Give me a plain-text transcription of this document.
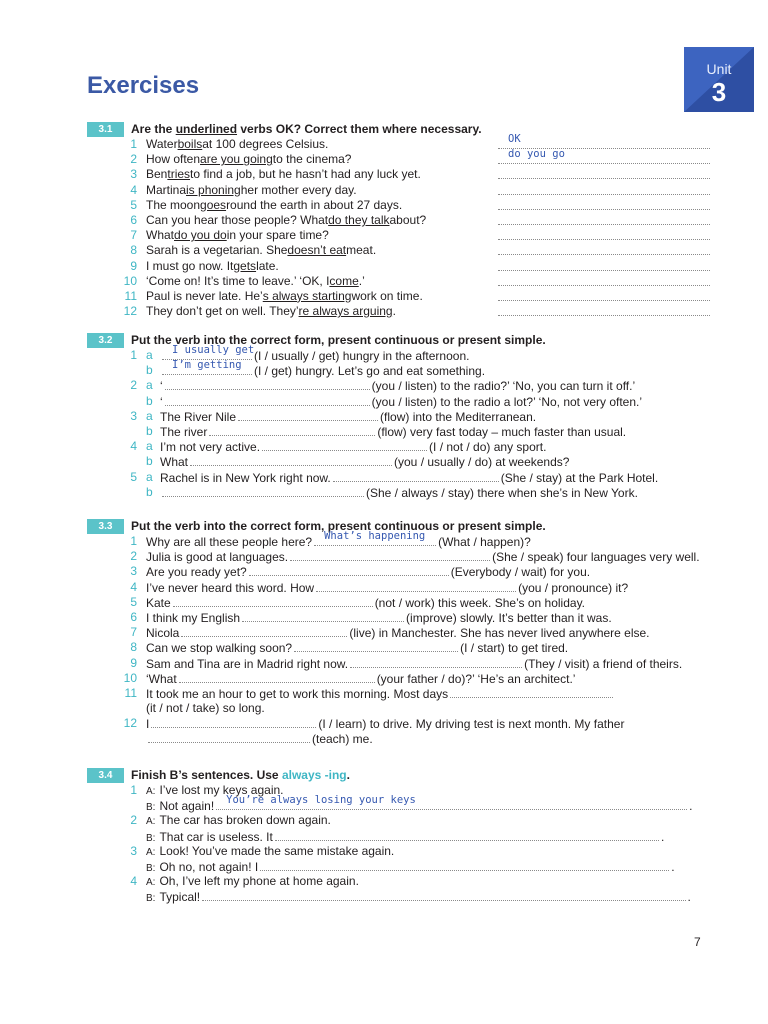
Unit
3
Exercises
3.1	Are the underlined verbs OK? Correct them where necessary.
1 Water boils at 100 degrees Celsius.	OK
2 How often are you going to the cinema?	do you go
3 Ben tries to find a job, but he hasn’t had any luck yet.
4 Martina is phoning her mother every day.
5 The moon goes round the earth in about 27 days.
6 Can you hear those people? What do they talk about?
7 What do you do in your spare time?
8 Sarah is a vegetarian. She doesn’t eat meat.
9 I must go now. It gets late.
10 ‘Come on! It’s time to leave.’ ‘OK, I come .’
11 Paul is never late. He’ s always starting work on time.
12 They don’t get on well. They’ re always arguing .
3.2	Put the verb into the correct form, present continuous or present simple.
1 a I usually get (I / usually / get) hungry in the afternoon.
b I’m getting (I / get) hungry. Let’s go and eat something.
2 a ‘	(you / listen) to the radio?’ ‘No, you can turn it off.’
b ‘	(you / listen) to the radio a lot?’ ‘No, not very often.’
3 a The River Nile	(flow) into the Mediterranean.
b The river	(flow) very fast today – much faster than usual.
4 a I’m not very active.	(I / not / do) any sport.
b What	(you / usually / do) at weekends?
5 a Rachel is in New York right now.	(She / stay) at the Park Hotel.
b	(She / always / stay) there when she’s in New York.
3.3	Put the verb into the correct form, present continuous or present simple.
1 Why are all these people here? What’s happening (What / happen)?
2 Julia is good at languages.	(She / speak) four languages very well.
3 Are you ready yet?	(Everybody / wait) for you.
4 I’ve never heard this word. How	(you / pronounce) it?
5 Kate	(not / work) this week. She’s on holiday.
6 I think my English	(improve) slowly. It’s better than it was.
7 Nicola	(live) in Manchester. She has never lived anywhere else.
8 Can we stop walking soon?	(I / start) to get tired.
9 Sam and Tina are in Madrid right now.	(They / visit) a friend of theirs.
10 ‘What	(your father / do)?’ ‘He’s an architect.’
11 It took me an hour to get to work this morning. Most days
(it / not / take) so long.
12 I	(I / learn) to drive. My driving test is next month. My father
(teach) me.
3.4	Finish B’s sentences. Use always -ing.
1 A: I’ve lost my keys again.
B: Not again! You’re always losing your keys	.
2 A: The car has broken down again.
B: That car is useless. It	.
3 A: Look! You’ve made the same mistake again.
B: Oh no, not again! I	.
4 A: Oh, I’ve left my phone at home again.
B: Typical!	.
7
